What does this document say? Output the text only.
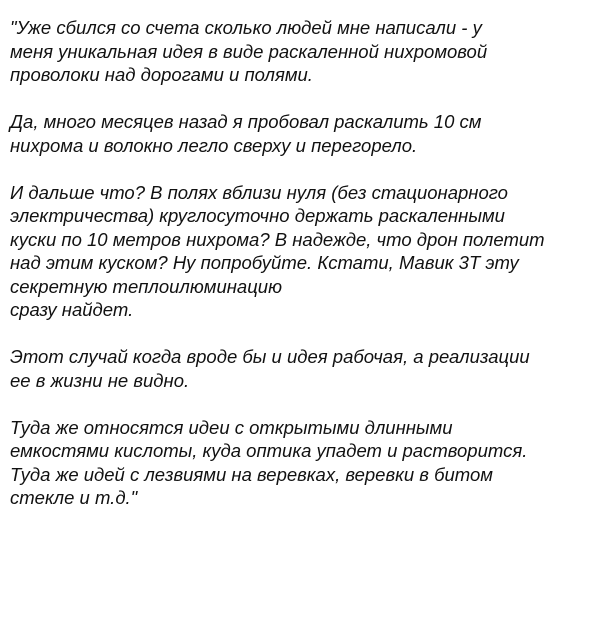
"Уже сбился со счета сколько людей мне написали - у
меня уникальная идея в виде раскаленной нихромовой
проволоки над дорогами и полями.

Да, много месяцев назад я пробовал раскалить 10 см
нихрома и волокно легло сверху и перегорело.

И дальше что? В полях вблизи нуля (без стационарного
электричества) круглосуточно держать раскаленными
куски по 10 метров нихрома? В надежде, что дрон полетит
над этим куском? Ну попробуйте. Кстати, Мавик 3Т эту
секретную теплоилюминацию
сразу найдет.

Этот случай когда вроде бы и идея рабочая, а реализации
ее в жизни не видно.

Туда же относятся идеи с открытыми длинными
емкостями кислоты, куда оптика упадет и растворится.
Туда же идей с лезвиями на веревках, веревки в битом
стекле и т.д."
